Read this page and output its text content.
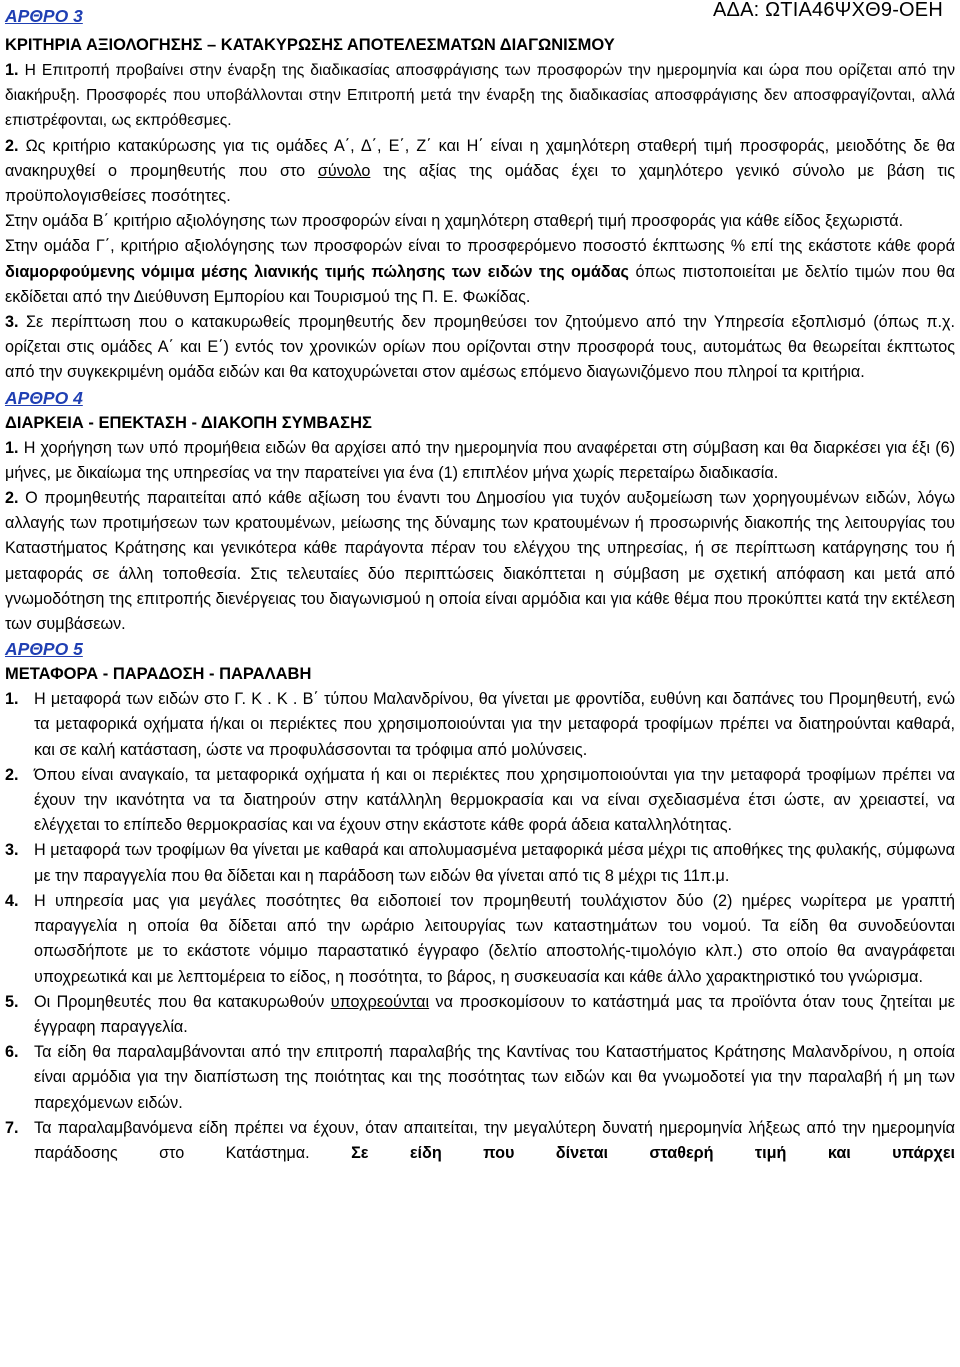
ΑΡΘΡΟ 3	ΑΔΑ: ΩΤΙΑ46ΨΧΘ9-ΟΕΗ
ΚΡΙΤΗΡΙΑ ΑΞΙΟΛΟΓΗΣΗΣ – ΚΑΤΑΚΥΡΩΣΗΣ ΑΠΟΤΕΛΕΣΜΑΤΩΝ ΔΙΑΓΩΝΙΣΜΟΥ

1. Η Επιτροπή προβαίνει στην έναρξη της διαδικασίας αποσφράγισης των προσφορών την ημερομηνία και ώρα που ορίζεται από την διακήρυξη. Προσφορές που υποβάλλονται στην Επιτροπή μετά την έναρξη της διαδικασίας αποσφράγισης δεν αποσφραγίζονται, αλλά επιστρέφονται, ως εκπρόθεσμες.

2. Ως κριτήριο κατακύρωσης για τις ομάδες Α΄, Δ΄, Ε΄, Ζ΄ και Η΄ είναι η χαμηλότερη σταθερή τιμή προσφοράς, μειοδότης δε θα ανακηρυχθεί ο προμηθευτής που στο σύνολο της αξίας της ομάδας έχει το χαμηλότερο γενικό σύνολο με βάση τις προϋπολογισθείσες ποσότητες.

Στην ομάδα Β΄ κριτήριο αξιολόγησης των προσφορών είναι η χαμηλότερη σταθερή τιμή προσφοράς για κάθε είδος ξεχωριστά.

Στην ομάδα Γ΄, κριτήριο αξιολόγησης των προσφορών είναι το προσφερόμενο ποσοστό έκπτωσης % επί της εκάστοτε κάθε φορά διαμορφούμενης νόμιμα μέσης λιανικής τιμής πώλησης των ειδών της ομάδας όπως πιστοποιείται με δελτίο τιμών που θα εκδίδεται από την Διεύθυνση Εμπορίου και Τουρισμού της Π. Ε. Φωκίδας.

3. Σε περίπτωση που ο κατακυρωθείς προμηθευτής δεν προμηθεύσει τον ζητούμενο από την Υπηρεσία εξοπλισμό (όπως π.χ. ορίζεται στις ομάδες Α΄ και Ε΄) εντός τον χρονικών ορίων που ορίζονται στην προσφορά τους, αυτομάτως θα θεωρείται έκπτωτος από την συγκεκριμένη ομάδα ειδών και θα κατοχυρώνεται στον αμέσως επόμενο διαγωνιζόμενο που πληροί τα κριτήρια.

ΑΡΘΡΟ 4
ΔΙΑΡΚΕΙΑ - ΕΠΕΚΤΑΣΗ - ΔΙΑΚΟΠΗ ΣΥΜΒΑΣΗΣ

1. Η χορήγηση των υπό προμήθεια ειδών θα αρχίσει από την ημερομηνία που αναφέρεται στη σύμβαση και θα διαρκέσει για έξι (6) μήνες, με δικαίωμα της υπηρεσίας να την παρατείνει για ένα (1) επιπλέον μήνα χωρίς περεταίρω διαδικασία.

2. Ο προμηθευτής παραιτείται από κάθε αξίωση του έναντι του Δημοσίου για τυχόν αυξομείωση των χορηγουμένων ειδών, λόγω αλλαγής των προτιμήσεων των κρατουμένων, μείωσης της δύναμης των κρατουμένων ή προσωρινής διακοπής της λειτουργίας του Καταστήματος Κράτησης και γενικότερα κάθε παράγοντα πέραν του ελέγχου της υπηρεσίας, ή σε περίπτωση κατάργησης του ή μεταφοράς σε άλλη τοποθεσία. Στις τελευταίες δύο περιπτώσεις διακόπτεται η σύμβαση με σχετική απόφαση και μετά από γνωμοδότηση της επιτροπής διενέργειας του διαγωνισμού η οποία είναι αρμόδια και για κάθε θέμα που προκύπτει κατά την εκτέλεση των συμβάσεων.

ΑΡΘΡΟ 5
ΜΕΤΑΦΟΡΑ - ΠΑΡΑΔΟΣΗ - ΠΑΡΑΛΑΒΗ

1. Η μεταφορά των ειδών στο Γ. Κ . Κ . Β΄ τύπου Μαλανδρίνου, θα γίνεται με φροντίδα, ευθύνη και δαπάνες του Προμηθευτή, ενώ τα μεταφορικά οχήματα ή/και οι περιέκτες που χρησιμοποιούνται για την μεταφορά τροφίμων πρέπει να διατηρούνται καθαρά, και σε καλή κατάσταση, ώστε να προφυλάσσονται τα τρόφιμα από μολύνσεις.

2. Όπου είναι αναγκαίο, τα μεταφορικά οχήματα ή και οι περιέκτες που χρησιμοποιούνται για την μεταφορά τροφίμων πρέπει να έχουν την ικανότητα να τα διατηρούν στην κατάλληλη θερμοκρασία και να είναι σχεδιασμένα έτσι ώστε, αν χρειαστεί, να ελέγχεται το επίπεδο θερμοκρασίας και να έχουν στην εκάστοτε κάθε φορά άδεια καταλληλότητας.

3. Η μεταφορά των τροφίμων θα γίνεται με καθαρά και απολυμασμένα μεταφορικά μέσα μέχρι τις αποθήκες της φυλακής, σύμφωνα με την παραγγελία που θα δίδεται και η παράδοση των ειδών θα γίνεται από τις 8 μέχρι τις 11π.μ.

4. Η υπηρεσία μας για μεγάλες ποσότητες θα ειδοποιεί τον προμηθευτή τουλάχιστον δύο (2) ημέρες νωρίτερα με γραπτή παραγγελία η οποία θα δίδεται από την ωράριο λειτουργίας των καταστημάτων του νομού. Τα είδη θα συνοδεύονται οπωσδήποτε με το εκάστοτε νόμιμο παραστατικό έγγραφο (δελτίο αποστολής-τιμολόγιο κλπ.) στο οποίο θα αναγράφεται υποχρεωτικά και με λεπτομέρεια το είδος, η ποσότητα, το βάρος, η συσκευασία και κάθε άλλο χαρακτηριστικό του γνώρισμα.

5. Οι Προμηθευτές που θα κατακυρωθούν υποχρεούνται να προσκομίσουν το κατάστημά μας τα προϊόντα όταν τους ζητείται με έγγραφη παραγγελία.

6. Τα είδη θα παραλαμβάνονται από την επιτροπή παραλαβής της Καντίνας του Καταστήματος Κράτησης Μαλανδρίνου, η οποία είναι αρμόδια για την διαπίστωση της ποιότητας και της ποσότητας των ειδών και θα γνωμοδοτεί για την παραλαβή ή μη των παρεχόμενων ειδών.

7. Τα παραλαμβανόμενα είδη πρέπει να έχουν, όταν απαιτείται, την μεγαλύτερη δυνατή ημερομηνία λήξεως από την ημερομηνία παράδοσης στο Κατάστημα.	Σε είδη που δίνεται σταθερή τιμή και υπάρχει
